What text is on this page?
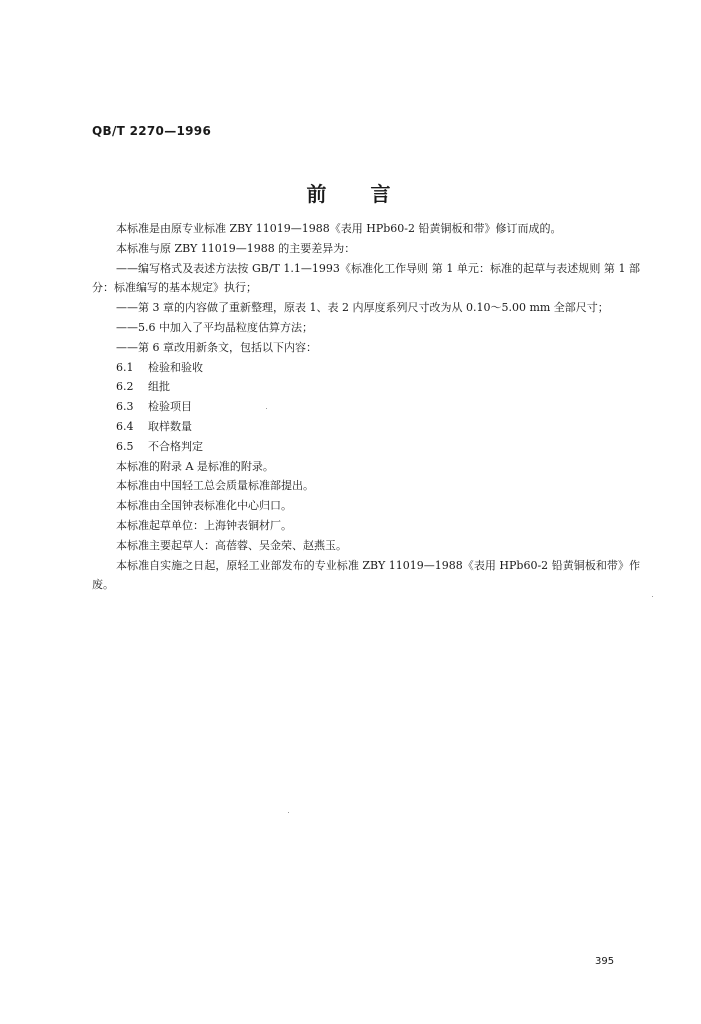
QB/T 2270—1996
前言

本标准是由原专业标准 ZBY 11019—1988《表用 HPb60-2 铅黄铜板和带》修订而成的。

本标准与原 ZBY 11019—1988 的主要差异为：

——编写格式及表述方法按 GB/T 1.1—1993《标准化工作导则 第 1 单元：标准的起草与表述规则 第 1 部分：标准编写的基本规定》执行；

——第 3 章的内容做了重新整理，原表 1、表 2 内厚度系列尺寸改为从 0.10～5.00 mm 全部尺寸；

——5.6 中加入了平均晶粒度估算方法；

——第 6 章改用新条文，包括以下内容：

6.1 检验和验收
6.2 组批
6.3 检验项目
6.4 取样数量
6.5 不合格判定

本标准的附录 A 是标准的附录。

本标准由中国轻工总会质量标准部提出。

本标准由全国钟表标准化中心归口。

本标准起草单位：上海钟表铜材厂。

本标准主要起草人：高蓓蓉、吴金荣、赵燕玉。

本标准自实施之日起，原轻工业部发布的专业标准 ZBY 11019—1988《表用 HPb60-2 铅黄铜板和带》作废。

395
